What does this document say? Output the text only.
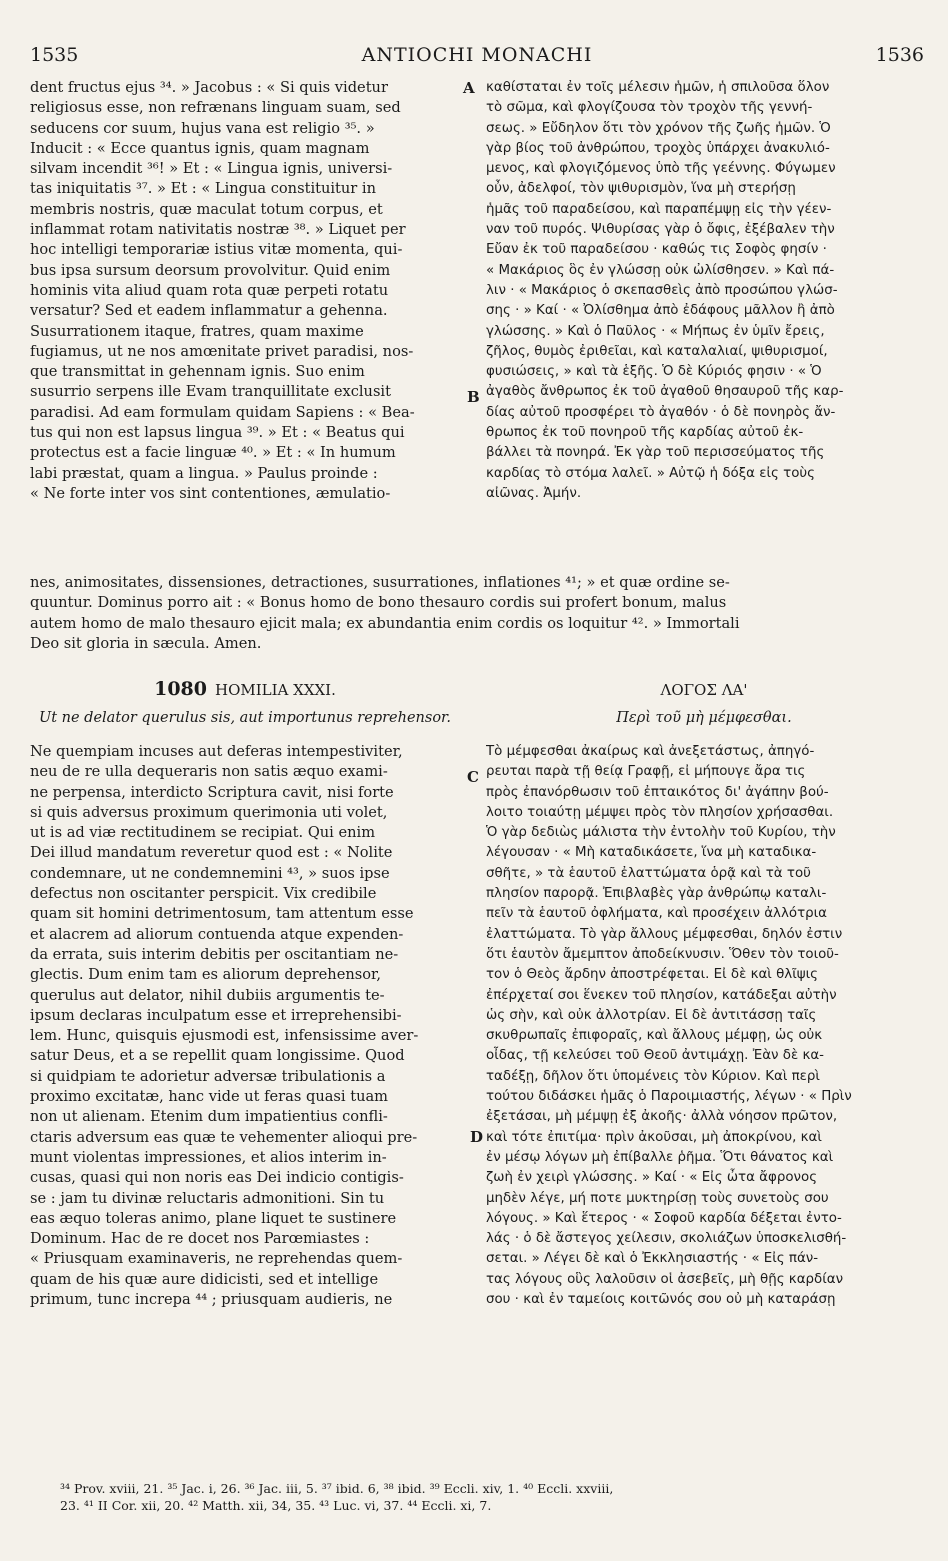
1535	ANTIOCHI MONACHI	1536

dent fructus ejus ³⁴. » Jacobus : « Si quis videtur

religiosus esse, non refrænans linguam suam, sed

seducens cor suum, hujus vana est religio ³⁵. »

Inducit : « Ecce quantus ignis, quam magnam

silvam incendit ³⁶! » Et : « Lingua ignis, universi-

tas iniquitatis ³⁷. » Et : « Lingua constituitur in

membris nostris, quæ maculat totum corpus, et

inflammat rotam nativitatis nostræ ³⁸. » Liquet per

hoc intelligi temporariæ istius vitæ momenta, qui-

bus ipsa sursum deorsum provolvitur. Quid enim

hominis vita aliud quam rota quæ perpeti rotatu

versatur? Sed et eadem inflammatur a gehenna.

Susurrationem itaque, fratres, quam maxime

fugiamus, ut ne nos amœnitate privet paradisi, nos-

que transmittat in gehennam ignis. Suo enim

susurrio serpens ille Evam tranquillitate exclusit

paradisi. Ad eam formulam quidam Sapiens : « Bea-

tus qui non est lapsus lingua ³⁹. » Et : « Beatus qui

protectus est a facie linguæ ⁴⁰. » Et : « In humum

labi præstat, quam a lingua. » Paulus proinde :

« Ne forte inter vos sint contentiones, æmulatio-

καθίσταται ἐν τοῖς μέλεσιν ἡμῶν, ἡ σπιλοῦσα ὅλον

τὸ σῶμα, καὶ φλογίζουσα τὸν τροχὸν τῆς γεννή-

σεως. » Εὔδηλον ὅτι τὸν χρόνον τῆς ζωῆς ἡμῶν. Ὁ

γὰρ βίος τοῦ ἀνθρώπου, τροχὸς ὑπάρχει ἀνακυλιό-

μενος, καὶ φλογιζόμενος ὑπὸ τῆς γεέννης. Φύγωμεν

οὖν, ἀδελφοί, τὸν ψιθυρισμὸν, ἵνα μὴ στερήσῃ

ἡμᾶς τοῦ παραδείσου, καὶ παραπέμψῃ εἰς τὴν γέεν-

ναν τοῦ πυρός. Ψιθυρίσας γὰρ ὁ ὄφις, ἐξέβαλεν τὴν

Εὔαν ἐκ τοῦ παραδείσου · καθώς τις Σοφὸς φησίν ·

« Μακάριος ὃς ἐν γλώσσῃ οὐκ ὠλίσθησεν. » Καὶ πά-

λιν · « Μακάριος ὁ σκεπασθεὶς ἀπὸ προσώπου γλώσ-

σης · » Καί · « Ὀλίσθημα ἀπὸ ἐδάφους μᾶλλον ἢ ἀπὸ

γλώσσης. » Καὶ ὁ Παῦλος · « Μήπως ἐν ὑμῖν ἔρεις,

ζῆλος, θυμὸς ἐριθεῖαι, καὶ καταλαλιαί, ψιθυρισμοί,

φυσιώσεις, » καὶ τὰ ἑξῆς. Ὁ δὲ Κύριός φησιν · « Ὁ

ἀγαθὸς ἄνθρωπος ἐκ τοῦ ἀγαθοῦ θησαυροῦ τῆς καρ-

δίας αὐτοῦ προσφέρει τὸ ἀγαθόν · ὁ δὲ πονηρὸς ἄν-

θρωπος ἐκ τοῦ πονηροῦ τῆς καρδίας αὐτοῦ ἐκ-

βάλλει τὰ πονηρά. Ἐκ γὰρ τοῦ περισσεύματος τῆς

καρδίας τὸ στόμα λαλεῖ. » Αὐτῷ ἡ δόξα εἰς τοὺς

αἰῶνας. Ἀμήν.

nes, animositates, dissensiones, detractiones, susurrationes, inflationes ⁴¹; » et quæ ordine se-

quuntur. Dominus porro ait : « Bonus homo de bono thesauro cordis sui profert bonum, malus

autem homo de malo thesauro ejicit mala; ex abundantia enim cordis os loquitur ⁴². » Immortali

Deo sit gloria in sæcula. Amen.

A
B
C
D
1080 HOMILIA XXXI.
Ut ne delator querulus sis, aut importunus reprehensor.
ΛΟΓΟΣ ΛΑ'
Περὶ τοῦ μὴ μέμφεσθαι.

Ne quempiam incuses aut deferas intempestiviter,

neu de re ulla dequeraris non satis æquo exami-

ne perpensa, interdicto Scriptura cavit, nisi forte

si quis adversus proximum querimonia uti volet,

ut is ad viæ rectitudinem se recipiat. Qui enim

Dei illud mandatum reveretur quod est : « Nolite

condemnare, ut ne condemnemini ⁴³, » suos ipse

defectus non oscitanter perspicit. Vix credibile

quam sit homini detrimentosum, tam attentum esse

et alacrem ad aliorum contuenda atque expenden-

da errata, suis interim debitis per oscitantiam ne-

glectis. Dum enim tam es aliorum deprehensor,

querulus aut delator, nihil dubiis argumentis te-

ipsum declaras inculpatum esse et irreprehensibi-

lem. Hunc, quisquis ejusmodi est, infensissime aver-

satur Deus, et a se repellit quam longissime. Quod

si quidpiam te adorietur adversæ tribulationis a

proximo excitatæ, hanc vide ut feras quasi tuam

non ut alienam. Etenim dum impatientius confli-

ctaris adversum eas quæ te vehementer alioqui pre-

munt violentas impressiones, et alios interim in-

cusas, quasi qui non noris eas Dei indicio contigis-

se : jam tu divinæ reluctaris admonitioni. Sin tu

eas æquo toleras animo, plane liquet te sustinere

Dominum. Hac de re docet nos Parœmiastes :

« Priusquam examinaveris, ne reprehendas quem-

quam de his quæ aure didicisti, sed et intellige

primum, tunc increpa ⁴⁴ ; priusquam audieris, ne

Τὸ μέμφεσθαι ἀκαίρως καὶ ἀνεξετάστως, ἀπηγό-

ρευται παρὰ τῇ θείᾳ Γραφῇ, εἰ μήπουγε ἄρα τις

πρὸς ἐπανόρθωσιν τοῦ ἐπταικότος δι' ἀγάπην βού-

λοιτο τοιαύτῃ μέμψει πρὸς τὸν πλησίον χρήσασθαι.

Ὁ γὰρ δεδιὼς μάλιστα τὴν ἐντολὴν τοῦ Κυρίου, τὴν

λέγουσαν · « Μὴ καταδικάσετε, ἵνα μὴ καταδικα-

σθῆτε, » τὰ ἑαυτοῦ ἐλαττώματα ὁρᾷ καὶ τὰ τοῦ

πλησίον παρορᾷ. Ἐπιβλαβὲς γὰρ ἀνθρώπῳ καταλι-

πεῖν τὰ ἑαυτοῦ ὀφλήματα, καὶ προσέχειν ἀλλότρια

ἐλαττώματα. Τὸ γὰρ ἄλλους μέμφεσθαι, δηλόν ἐστιν

ὅτι ἑαυτὸν ἄμεμπτον ἀποδείκνυσιν. Ὅθεν τὸν τοιοῦ-

τον ὁ Θεὸς ἄρδην ἀποστρέφεται. Εἰ δὲ καὶ θλῖψις

ἐπέρχεταί σοι ἕνεκεν τοῦ πλησίον, κατάδεξαι αὐτὴν

ὡς σὴν, καὶ οὐκ ἀλλοτρίαν. Εἰ δὲ ἀντιτάσσῃ ταῖς

σκυθρωπαῖς ἐπιφοραῖς, καὶ ἄλλους μέμφῃ, ὡς οὐκ

οἶδας, τῇ κελεύσει τοῦ Θεοῦ ἀντιμάχῃ. Ἐὰν δὲ κα-

ταδέξῃ, δῆλον ὅτι ὑπομένεις τὸν Κύριον. Καὶ περὶ

τούτου διδάσκει ἡμᾶς ὁ Παροιμιαστής, λέγων · « Πρὶν

ἐξετάσαι, μὴ μέμψῃ ἐξ ἀκοῆς· ἀλλὰ νόησον πρῶτον,

καὶ τότε ἐπιτίμα· πρὶν ἀκοῦσαι, μὴ ἀποκρίνου, καὶ

ἐν μέσῳ λόγων μὴ ἐπίβαλλε ῥῆμα. Ὅτι θάνατος καὶ

ζωὴ ἐν χειρὶ γλώσσης. » Καί · « Εἰς ὦτα ἄφρονος

μηδὲν λέγε, μή ποτε μυκτηρίσῃ τοὺς συνετοὺς σου

λόγους. » Καὶ ἕτερος · « Σοφοῦ καρδία δέξεται ἐντο-

λάς · ὁ δὲ ἄστεγος χείλεσιν, σκολιάζων ὑποσκελισθή-

σεται. » Λέγει δὲ καὶ ὁ Ἐκκλησιαστής · « Εἰς πάν-

τας λόγους οὓς λαλοῦσιν οἱ ἀσεβεῖς, μὴ θῇς καρδίαν

σου · καὶ ἐν ταμείοις κοιτῶνός σου οὐ μὴ καταράσῃ

³⁴ Prov. xviii, 21. ³⁵ Jac. i, 26. ³⁶ Jac. iii, 5. ³⁷ ibid. 6, ³⁸ ibid. ³⁹ Eccli. xiv, 1. ⁴⁰ Eccli. xxviii,

23. ⁴¹ II Cor. xii, 20. ⁴² Matth. xii, 34, 35. ⁴³ Luc. vi, 37. ⁴⁴ Eccli. xi, 7.
